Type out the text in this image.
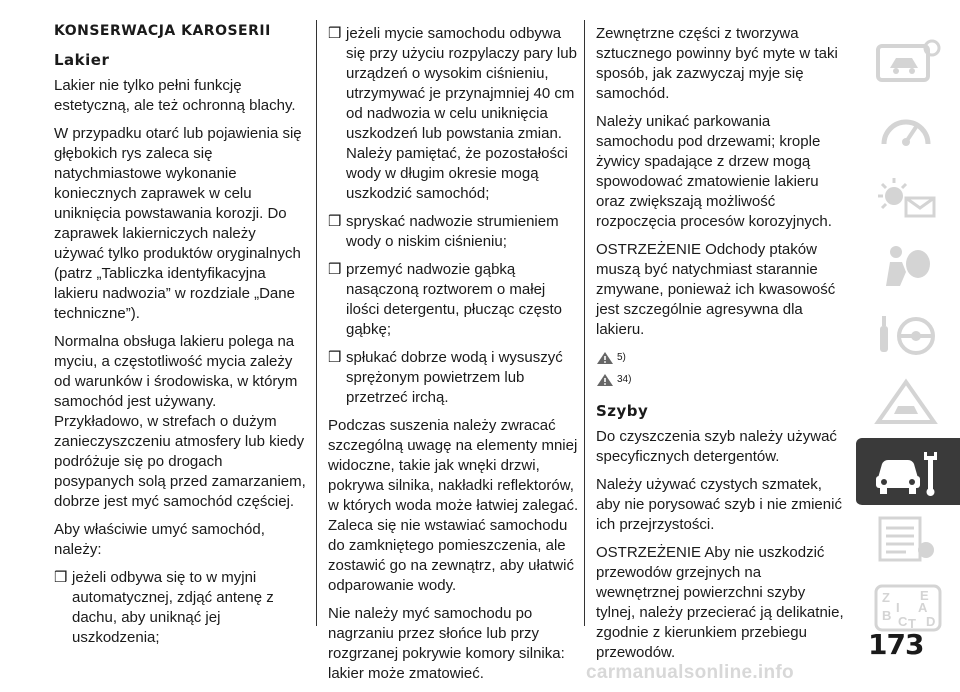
KONSERWACJA KAROSERII
Lakier

Lakier nie tylko pełni funkcję estetyczną, ale też ochronną blachy.

W przypadku otarć lub pojawienia się głębokich rys zaleca się natychmiastowe wykonanie koniecznych zaprawek w celu uniknięcia powstawania korozji. Do zaprawek lakierniczych należy używać tylko produktów oryginalnych (patrz „Tabliczka identyfikacyjna lakieru nadwozia” w rozdziale „Dane techniczne”).

Normalna obsługa lakieru polega na myciu, a częstotliwość mycia zależy od warunków i środowiska, w którym samochód jest używany. Przykładowo, w strefach o dużym zanieczyszczeniu atmosfery lub kiedy podróżuje się po drogach posypanych solą przed zamarzaniem, dobrze jest myć samochód częściej.

Aby właściwie umyć samochód, należy:

❒ jeżeli odbywa się to w myjni automatycznej, zdjąć antenę z dachu, aby uniknąć jej uszkodzenia;
❒ jeżeli mycie samochodu odbywa się przy użyciu rozpylaczy pary lub urządzeń o wysokim ciśnieniu, utrzymywać je przynajmniej 40 cm od nadwozia w celu uniknięcia uszkodzeń lub powstania zmian. Należy pamiętać, że pozostałości wody w długim okresie mogą uszkodzić samochód;
❒ spryskać nadwozie strumieniem wody o niskim ciśnieniu;
❒ przemyć nadwozie gąbką nasączoną roztworem o małej ilości detergentu, płucząc często gąbkę;
❒ spłukać dobrze wodą i wysuszyć sprężonym powietrzem lub przetrzeć irchą.

Podczas suszenia należy zwracać szczególną uwagę na elementy mniej widoczne, takie jak wnęki drzwi, pokrywa silnika, nakładki reflektorów, w których woda może łatwiej zalegać. Zaleca się nie wstawiać samochodu do zamkniętego pomieszczenia, ale zostawić go na zewnątrz, aby ułatwić odparowanie wody.

Nie należy myć samochodu po nagrzaniu przez słońce lub przy rozgrzanej pokrywie komory silnika: lakier może zmatowieć.

Zewnętrzne części z tworzywa sztucznego powinny być myte w taki sposób, jak zazwyczaj myje się samochód.

Należy unikać parkowania samochodu pod drzewami; krople żywicy spadające z drzew mogą spowodować zmatowienie lakieru oraz zwiększają możliwość rozpoczęcia procesów korozyjnych.

OSTRZEŻENIE Odchody ptaków muszą być natychmiast starannie zmywane, ponieważ ich kwasowość jest szczególnie agresywna dla lakieru.

5)
34)
Szyby

Do czyszczenia szyb należy używać specyficznych detergentów.

Należy używać czystych szmatek, aby nie porysować szyb i nie zmienić ich przejrzystości.

OSTRZEŻENIE Aby nie uszkodzić przewodów grzejnych na wewnętrznej powierzchni szyby tylnej, należy przecierać ją delikatnie, zgodnie z kierunkiem przebiegu przewodów.

Z E
I A
B C T D
173
carmanualsonline.info
